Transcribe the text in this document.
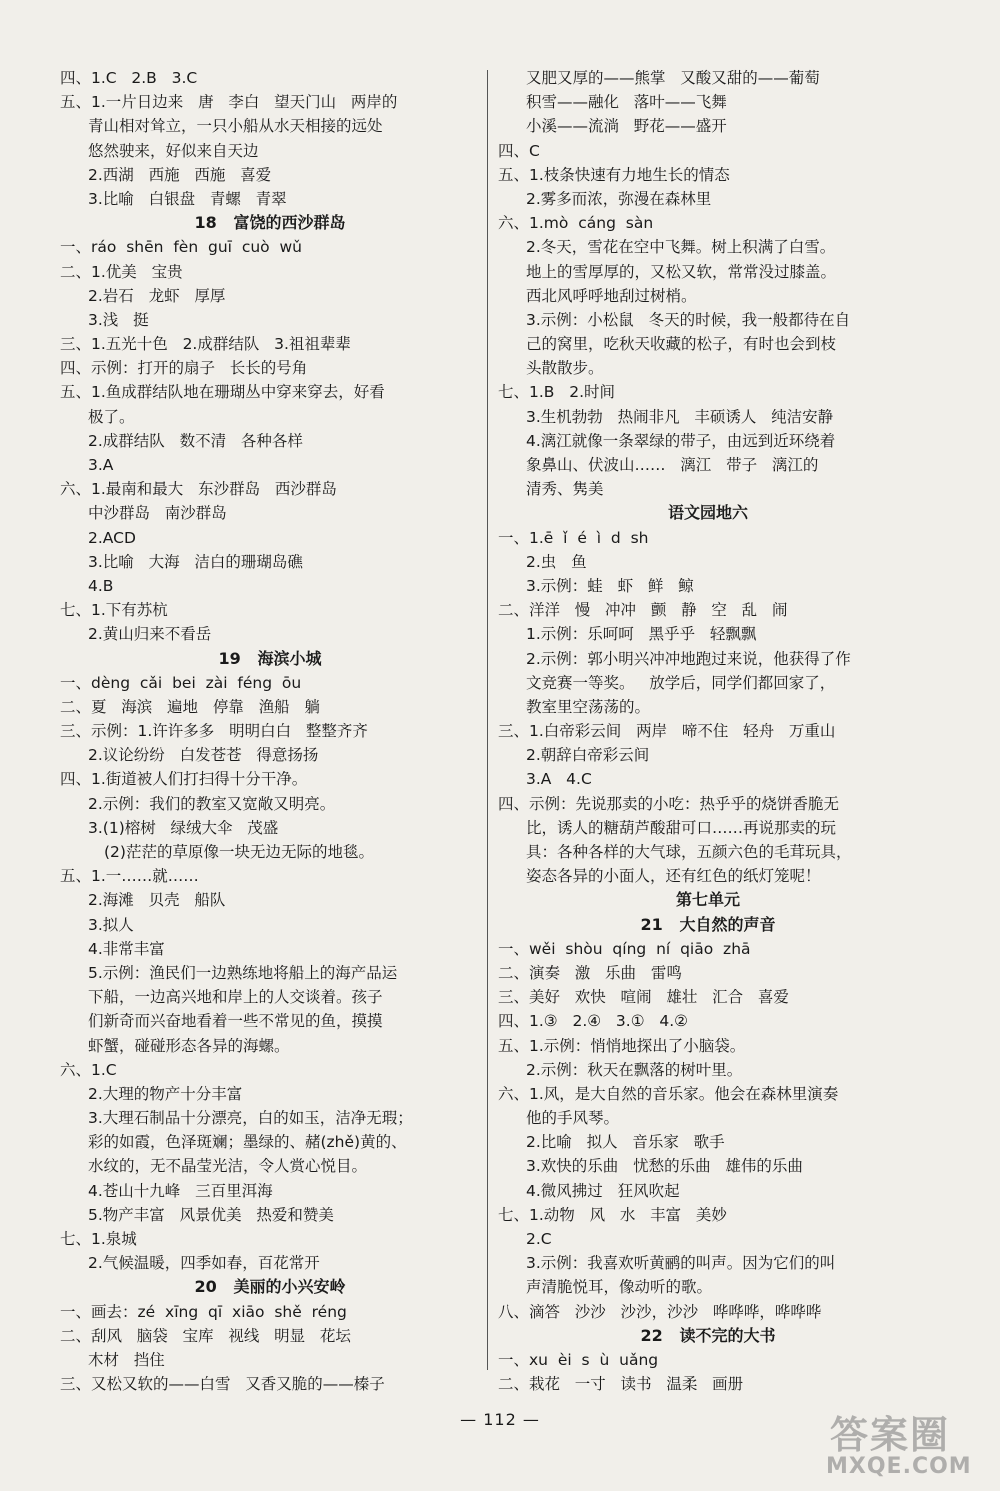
四、1.C   2.B   3.C
五、1.一片日边来   唐   李白   望天门山   两岸的
青山相对耸立，一只小船从水天相接的远处
悠然驶来，好似来自天边
2.西湖   西施   西施   喜爱
3.比喻   白银盘   青螺   青翠
18   富饶的西沙群岛
一、ráo  shēn  fèn  guī  cuò  wǔ
二、1.优美   宝贵
2.岩石   龙虾   厚厚
3.浅   挺
三、1.五光十色   2.成群结队   3.祖祖辈辈
四、示例：打开的扇子   长长的号角
五、1.鱼成群结队地在珊瑚丛中穿来穿去，好看
极了。
2.成群结队   数不清   各种各样
3.A
六、1.最南和最大   东沙群岛   西沙群岛
中沙群岛   南沙群岛
2.ACD
3.比喻   大海   洁白的珊瑚岛礁
4.B
七、1.下有苏杭
2.黄山归来不看岳
19   海滨小城
一、dèng  cǎi  bei  zài  féng  ōu
二、夏   海滨   遍地   停靠   渔船   躺
三、示例：1.许许多多   明明白白   整整齐齐
2.议论纷纷   白发苍苍   得意扬扬
四、1.街道被人们打扫得十分干净。
2.示例：我们的教室又宽敞又明亮。
3.(1)榕树   绿绒大伞   茂盛
(2)茫茫的草原像一块无边无际的地毯。
五、1.一……就……
2.海滩   贝壳   船队
3.拟人
4.非常丰富
5.示例：渔民们一边熟练地将船上的海产品运
下船，一边高兴地和岸上的人交谈着。孩子
们新奇而兴奋地看着一些不常见的鱼，摸摸
虾蟹，碰碰形态各异的海螺。
六、1.C
2.大理的物产十分丰富
3.大理石制品十分漂亮，白的如玉，洁净无瑕；
彩的如霞，色泽斑斓；墨绿的、赭(zhě)黄的、
水纹的，无不晶莹光洁，令人赏心悦目。
4.苍山十九峰   三百里洱海
5.物产丰富   风景优美   热爱和赞美
七、1.泉城
2.气候温暖，四季如春，百花常开
20   美丽的小兴安岭
一、画去：zé  xīng  qī  xiāo  shě  réng
二、刮风   脑袋   宝库   视线   明显   花坛
木材   挡住
三、又松又软的——白雪   又香又脆的——榛子
又肥又厚的——熊掌   又酸又甜的——葡萄
积雪——融化   落叶——飞舞
小溪——流淌   野花——盛开
四、C
五、1.枝条快速有力地生长的情态
2.雾多而浓，弥漫在森林里
六、1.mò  cáng  sàn
2.冬天，雪花在空中飞舞。树上积满了白雪。
地上的雪厚厚的，又松又软，常常没过膝盖。
西北风呼呼地刮过树梢。
3.示例：小松鼠   冬天的时候，我一般都待在自
己的窝里，吃秋天收藏的松子，有时也会到枝
头散散步。
七、1.B   2.时间
3.生机勃勃   热闹非凡   丰硕诱人   纯洁安静
4.漓江就像一条翠绿的带子，由远到近环绕着
象鼻山、伏波山……   漓江   带子   漓江的
清秀、隽美
语文园地六
一、1.ē  ǐ  é  ì  d  sh
2.虫   鱼
3.示例：蛙   虾   鲜   鲸
二、洋洋   慢   冲冲   颤   静   空   乱   闹
1.示例：乐呵呵   黑乎乎   轻飘飘
2.示例：郭小明兴冲冲地跑过来说，他获得了作
文竞赛一等奖。   放学后，同学们都回家了，
教室里空荡荡的。
三、1.白帝彩云间   两岸   啼不住   轻舟   万重山
2.朝辞白帝彩云间
3.A   4.C
四、示例：先说那卖的小吃：热乎乎的烧饼香脆无
比，诱人的糖葫芦酸甜可口……再说那卖的玩
具：各种各样的大气球，五颜六色的毛茸玩具，
姿态各异的小面人，还有红色的纸灯笼呢！
第七单元
21   大自然的声音
一、wěi  shòu  qíng  ní  qiāo  zhā
二、演奏   激   乐曲   雷鸣
三、美好   欢快   喧闹   雄壮   汇合   喜爱
四、1.③   2.④   3.①   4.②
五、1.示例：悄悄地探出了小脑袋。
2.示例：秋天在飘落的树叶里。
六、1.风，是大自然的音乐家。他会在森林里演奏
他的手风琴。
2.比喻   拟人   音乐家   歌手
3.欢快的乐曲   忧愁的乐曲   雄伟的乐曲
4.微风拂过   狂风吹起
七、1.动物   风   水   丰富   美妙
2.C
3.示例：我喜欢听黄鹂的叫声。因为它们的叫
声清脆悦耳，像动听的歌。
八、滴答   沙沙   沙沙，沙沙   哗哗哗，哗哗哗
22   读不完的大书
一、xu  èi  s  ù  uǎng
二、栽花   一寸   读书   温柔   画册
— 112 —	答案圈
MXQE.COM
